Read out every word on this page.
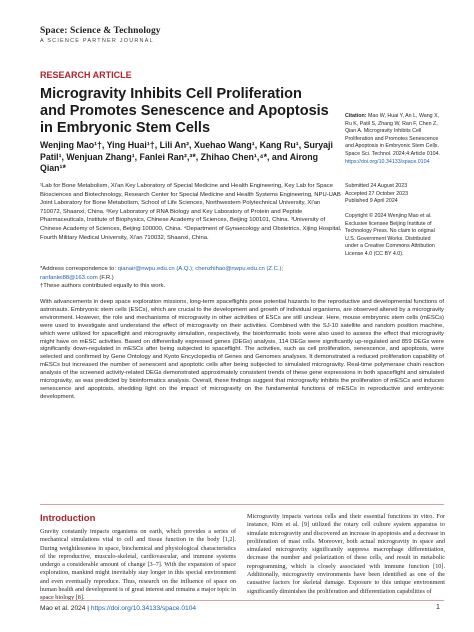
Space: Science & Technology
A SCIENCE PARTNER JOURNAL
RESEARCH ARTICLE
Microgravity Inhibits Cell Proliferation and Promotes Senescence and Apoptosis in Embryonic Stem Cells
Wenjing Mao¹†, Ying Huai¹†, Lili An², Xuehao Wang¹, Kang Ru¹, Suryaji Patil¹, Wenjuan Zhang¹, Fanlei Ran²,³*, Zhihao Chen¹,⁴*, and Airong Qian¹*
¹Lab for Bone Metabolism, Xi'an Key Laboratory of Special Medicine and Health Engineering, Key Lab for Space Biosciences and Biotechnology, Research Center for Special Medicine and Health Systems Engineering, NPU-UAB Joint Laboratory for Bone Metabolism, School of Life Sciences, Northwestern Polytechnical University, Xi'an 710072, Shaanxi, China. ²Key Laboratory of RNA Biology and Key Laboratory of Protein and Peptide Pharmaceuticals, Institute of Biophysics, Chinese Academy of Sciences, Beijing 100101, China. ³University of Chinese Academy of Sciences, Beijing 100000, China. ⁴Department of Gynaecology and Obstetrics, Xijing Hospital, Fourth Military Medical University, Xi'an 710032, Shaanxi, China.
*Address correspondence to: qianair@nwpu.edu.cn (A.Q.); chenzhihao@nwpu.edu.cn (Z.C.); ranfanlei88@163.com (F.R.)
†These authors contributed equally to this work.
With advancements in deep space exploration missions, long-term spaceflights pose potential hazards to the reproductive and developmental functions of astronauts. Embryonic stem cells (ESCs), which are crucial to the development and growth of individual organisms, are observed altered by a microgravity environment. However, the role and mechanisms of microgravity in other activities of ESCs are still unclear. Here, mouse embryonic stem cells (mESCs) were used to investigate and understand the effect of microgravity on their activities. Combined with the SJ-10 satellite and random position machine, which were utilized for spaceflight and microgravity simulation, respectively, the bioinformatic tools were also used to assess the effect that microgravity might have on mESC activities. Based on differentially expressed genes (DEGs) analysis, 114 DEGs were significantly up-regulated and 859 DEGs were significantly down-regulated in mESCs after being subjected to spaceflight. The activities, such as cell proliferation, senescence, and apoptosis, were selected and confirmed by Gene Ontology and Kyoto Encyclopedia of Genes and Genomes analyses. It demonstrated a reduced proliferation capability of mESCs but increased the number of senescent and apoptotic cells after being subjected to simulated microgravity. Real-time polymerase chain reaction analysis of the screened activity-related DEGs demonstrated approximately consistent trends of these gene expressions in both spaceflight and simulated microgravity, as was predicted by bioinformatics analysis. Overall, these findings suggest that microgravity inhibits the proliferation of mESCs and induces senescence and apoptosis, shedding light on the impact of microgravity on the fundamental functions of mESCs in reproductive and embryonic development.
Citation: Mao W, Huai Y, An L, Wang X, Ru K, Patil S, Zhang W, Ran F, Chen Z, Qian A. Microgravity Inhibits Cell Proliferation and Promotes Senescence and Apoptosis in Embryonic Stem Cells. Space Sci. Technol. 2024;4:Article 0104. https://doi.org/10.34133/space.0104
Submitted 24 August 2023
Accepted 27 October 2023
Published 9 April 2024
Copyright © 2024 Wenjing Mao et al. Exclusive licensee Beijing Institute of Technology Press. No claim to original U.S. Government Works. Distributed under a Creative Commons Attribution License 4.0 (CC BY 4.0).
Introduction
Gravity constantly impacts organisms on earth, which provides a series of mechanical simulations vital to cell and tissue function in the body [1,2]. During weightlessness in space, biochemical and physiological characteristics of the reproductive, musculo-skeletal, cardiovascular, and immune systems undergo a considerable amount of change [3–7]. With the expansion of space exploration, mankind might inevitably stay longer in this special environment and even eventually reproduce. Thus, research on the influence of space on human health and development is of great interest and remains a major topic in space biology [8].
Microgravity impacts various cells and their essential functions in vitro. For instance, Kim et al. [9] utilized the rotary cell culture system apparatus to simulate microgravity and discovered an increase in apoptosis and a decrease in proliferation of mast cells. Moreover, both actual microgravity in space and simulated microgravity significantly suppress macrophage differentiation, decrease the number and polarization of these cells, and result in metabolic reprogramming, which is closely associated with immune function [10]. Additionally, microgravity environments have been identified as one of the causative factors for skeletal damage. Exposure to this unique environment significantly diminishes the proliferation and differentiation capabilities of
Mao et al. 2024 | https://doi.org/10.34133/space.0104	1
